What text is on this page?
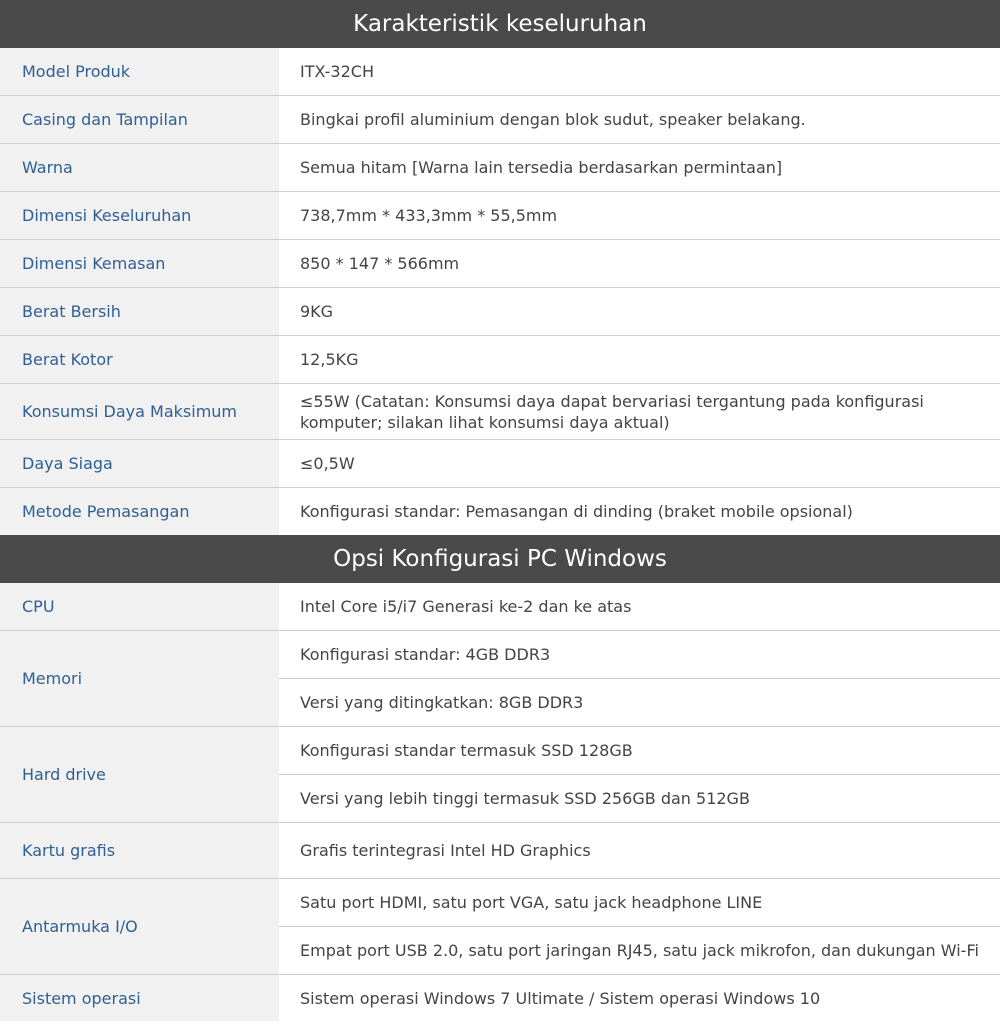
Karakteristik keseluruhan	
Model Produk	ITX-32CH
Casing dan Tampilan	Bingkai profil aluminium dengan blok sudut, speaker belakang.
Warna	Semua hitam [Warna lain tersedia berdasarkan permintaan]
Dimensi Keseluruhan	738,7mm * 433,3mm * 55,5mm
Dimensi Kemasan	850 * 147 * 566mm
Berat Bersih	9KG
Berat Kotor	12,5KG
Konsumsi Daya Maksimum	≤55W (Catatan: Konsumsi daya dapat bervariasi tergantung pada konfigurasi komputer; silakan lihat konsumsi daya aktual)
Daya Siaga	≤0,5W
Metode Pemasangan	Konfigurasi standar: Pemasangan di dinding (braket mobile opsional)
Opsi Konfigurasi PC Windows	
CPU	Intel Core i5/i7 Generasi ke-2 dan ke atas
Memori	Konfigurasi standar: 4GB DDR3
	Versi yang ditingkatkan: 8GB DDR3
Hard drive	Konfigurasi standar termasuk SSD 128GB
	Versi yang lebih tinggi termasuk SSD 256GB dan 512GB
Kartu grafis	Grafis terintegrasi Intel HD Graphics
Antarmuka I/O	Satu port HDMI, satu port VGA, satu jack headphone LINE
	Empat port USB 2.0, satu port jaringan RJ45, satu jack mikrofon, dan dukungan Wi-Fi
Sistem operasi	Sistem operasi Windows 7 Ultimate / Sistem operasi Windows 10
